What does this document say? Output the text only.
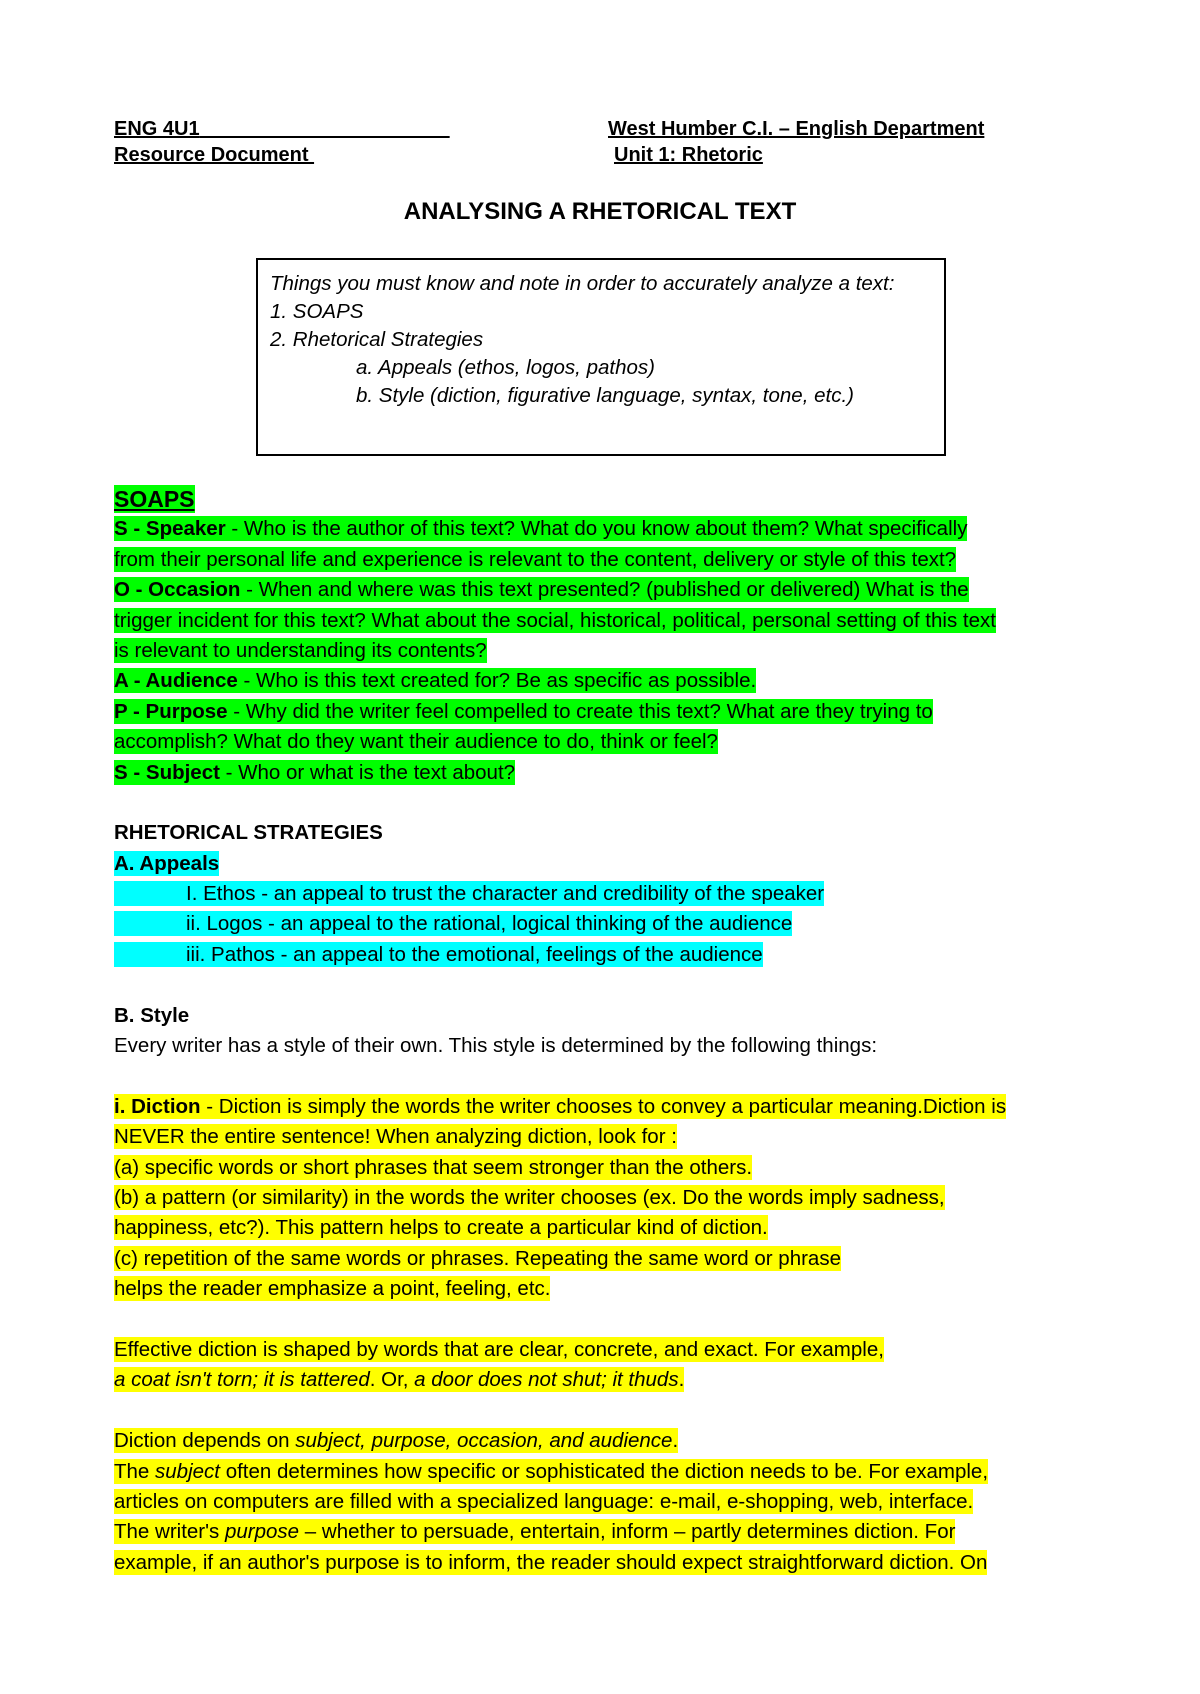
ENG 4U1
Resource Document
West Humber C.I. – English Department
Unit 1: Rhetoric
ANALYSING A RHETORICAL TEXT
Things you must know and note in order to accurately analyze a text:
1. SOAPS
2. Rhetorical Strategies
a. Appeals (ethos, logos, pathos)
b. Style (diction, figurative language, syntax, tone, etc.)
SOAPS
S - Speaker - Who is the author of this text? What do you know about them? What specifically
from their personal life and experience is relevant to the content, delivery or style of this text?
O - Occasion - When and where was this text presented? (published or delivered) What is the
trigger incident for this text? What about the social, historical, political, personal setting of this text
is relevant to understanding its contents?
A - Audience - Who is this text created for? Be as specific as possible.
P - Purpose - Why did the writer feel compelled to create this text? What are they trying to
accomplish? What do they want their audience to do, think or feel?
S - Subject - Who or what is the text about?
RHETORICAL STRATEGIES
A. Appeals
I. Ethos - an appeal to trust the character and credibility of the speaker
ii. Logos - an appeal to the rational, logical thinking of the audience
iii. Pathos - an appeal to the emotional, feelings of the audience
B. Style
Every writer has a style of their own. This style is determined by the following things:
i. Diction - Diction is simply the words the writer chooses to convey a particular meaning.Diction is
NEVER the entire sentence! When analyzing diction, look for :
(a) specific words or short phrases that seem stronger than the others.
(b) a pattern (or similarity) in the words the writer chooses (ex. Do the words imply sadness,
happiness, etc?). This pattern helps to create a particular kind of diction.
(c) repetition of the same words or phrases. Repeating the same word or phrase
helps the reader emphasize a point, feeling, etc.
Effective diction is shaped by words that are clear, concrete, and exact. For example,
a coat isn't torn; it is tattered. Or, a door does not shut; it thuds.
Diction depends on subject, purpose, occasion, and audience.
The subject often determines how specific or sophisticated the diction needs to be. For example,
articles on computers are filled with a specialized language: e-mail, e-shopping, web, interface.
The writer's purpose – whether to persuade, entertain, inform – partly determines diction. For
example, if an author's purpose is to inform, the reader should expect straightforward diction. On
